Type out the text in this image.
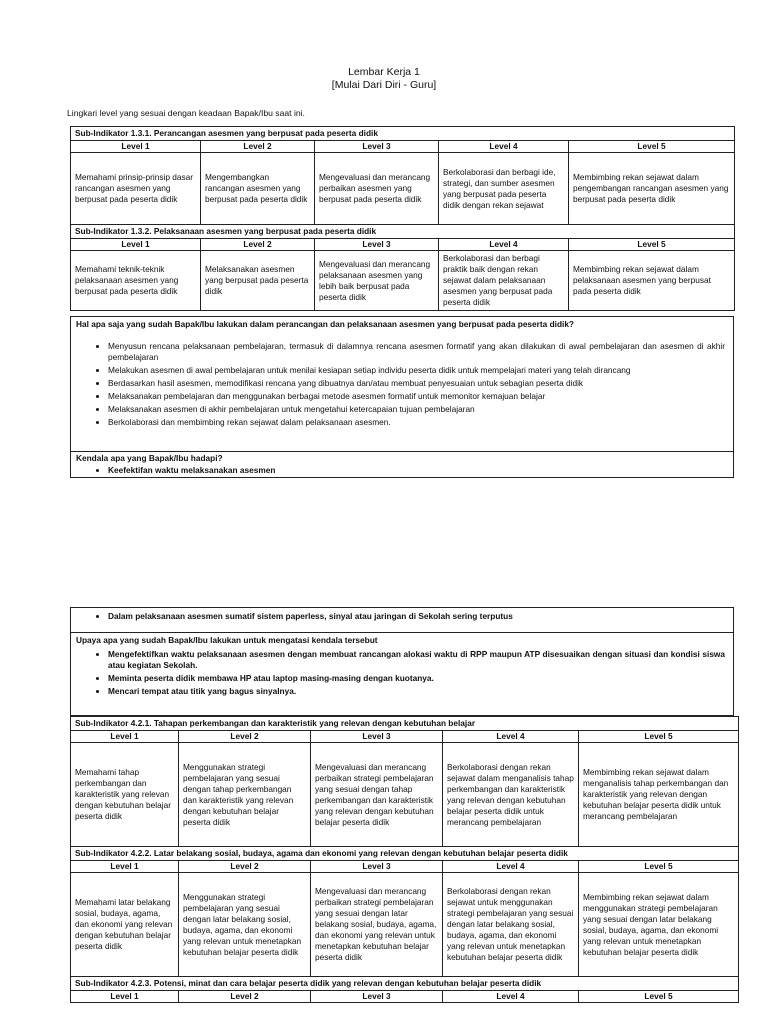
Lembar Kerja 1
[Mulai Dari Diri - Guru]
Lingkari level yang sesuai dengan keadaan Bapak/Ibu saat ini.
Sub-Indikator 1.3.1. Perancangan asesmen yang berpusat pada peserta didik				
Level 1	Level 2	Level 3	Level 4	Level 5
Memahami prinsip-prinsip dasar rancangan asesmen yang berpusat pada peserta didik	Mengembangkan rancangan asesmen yang berpusat pada peserta didik	Mengevaluasi dan merancang perbaikan asesmen yang berpusat pada peserta didik	Berkolaborasi dan berbagi ide, strategi, dan sumber asesmen yang berpusat pada peserta didik dengan rekan sejawat	Membimbing rekan sejawat dalam pengembangan rancangan asesmen yang berpusat pada peserta didik
Sub-Indikator 1.3.2. Pelaksanaan asesmen yang berpusat pada peserta didik				
Level 1	Level 2	Level 3	Level 4	Level 5
Memahami teknik-teknik pelaksanaan asesmen yang berpusat pada peserta didik	Melaksanakan asesmen yang berpusat pada peserta didik	Mengevaluasi dan merancang pelaksanaan asesmen yang lebih baik berpusat pada peserta didik	Berkolaborasi dan berbagi praktik baik dengan rekan sejawat dalam pelaksanaan asesmen yang berpusat pada peserta didik	Membimbing rekan sejawat dalam pelaksanaan asesmen yang berpusat pada peserta didik
Hal apa saja yang sudah Bapak/Ibu lakukan dalam perancangan dan pelaksanaan asesmen yang berpusat pada peserta didik?
• Menyusun rencana pelaksanaan pembelajaran, termasuk di dalamnya rencana asesmen formatif yang akan dilakukan di awal pembelajaran dan asesmen di akhir pembelajaran
• Melakukan asesmen di awal pembelajaran untuk menilai kesiapan setiap individu peserta didik untuk mempelajari materi yang telah dirancang
• Berdasarkan hasil asesmen, memodifikasi rencana yang dibuatnya dan/atau membuat penyesuaian untuk sebagian peserta didik
• Melaksanakan pembelajaran dan menggunakan berbagai metode asesmen formatif untuk memonitor kemajuan belajar
• Melaksanakan asesmen di akhir pembelajaran untuk mengetahui ketercapaian tujuan pembelajaran
• Berkolaborasi dan membimbing rekan sejawat dalam pelaksanaan asesmen.
Kendala apa yang Bapak/Ibu hadapi?
• Keefektifan waktu melaksanakan asesmen
• Dalam pelaksanaan asesmen sumatif sistem paperless, sinyal atau jaringan di Sekolah sering terputus
Upaya apa yang sudah Bapak/Ibu lakukan untuk mengatasi kendala tersebut
• Mengefektifkan waktu pelaksanaan asesmen dengan membuat rancangan alokasi waktu di RPP maupun ATP disesuaikan dengan situasi dan kondisi siswa atau kegiatan Sekolah.
• Meminta peserta didik membawa HP atau laptop masing-masing dengan kuotanya.
• Mencari tempat atau titik yang bagus sinyalnya.
Sub-Indikator 4.2.1. Tahapan perkembangan dan karakteristik yang relevan dengan kebutuhan belajar				
Level 1	Level 2	Level 3	Level 4	Level 5
Memahami tahap perkembangan dan karakteristik yang relevan dengan kebutuhan belajar peserta didik	Menggunakan strategi pembelajaran yang sesuai dengan tahap perkembangan dan karakteristik yang relevan dengan kebutuhan belajar peserta didik	Mengevaluasi dan merancang perbaikan strategi pembelajaran yang sesuai dengan tahap perkembangan dan karakteristik yang relevan dengan kebutuhan belajar peserta didik	Berkolaborasi dengan rekan sejawat dalam menganalisis tahap perkembangan dan karakteristik yang relevan dengan kebutuhan belajar peserta didik untuk merancang pembelajaran	Membimbing rekan sejawat dalam menganalisis tahap perkembangan dan karakteristik yang relevan dengan kebutuhan belajar peserta didik untuk merancang pembelajaran
Sub-Indikator 4.2.2. Latar belakang sosial, budaya, agama dan ekonomi yang relevan dengan kebutuhan belajar peserta didik				
Level 1	Level 2	Level 3	Level 4	Level 5
Memahami latar belakang sosial, budaya, agama, dan ekonomi yang relevan dengan kebutuhan belajar peserta didik	Menggunakan strategi pembelajaran yang sesuai dengan latar belakang sosial, budaya, agama, dan ekonomi yang relevan untuk menetapkan kebutuhan belajar peserta didik	Mengevaluasi dan merancang perbaikan strategi pembelajaran yang sesuai dengan latar belakang sosial, budaya, agama, dan ekonomi yang relevan untuk menetapkan kebutuhan belajar peserta didik	Berkolaborasi dengan rekan sejawat untuk menggunakan strategi pembelajaran yang sesuai dengan latar belakang sosial, budaya, agama, dan ekonomi yang relevan untuk menetapkan kebutuhan belajar peserta didik	Membimbing rekan sejawat dalam menggunakan strategi pembelajaran yang sesuai dengan latar belakang sosial, budaya, agama, dan ekonomi yang relevan untuk menetapkan kebutuhan belajar peserta didik
Sub-Indikator 4.2.3. Potensi, minat dan cara belajar peserta didik yang relevan dengan kebutuhan belajar peserta didik				
Level 1	Level 2	Level 3	Level 4	Level 5
